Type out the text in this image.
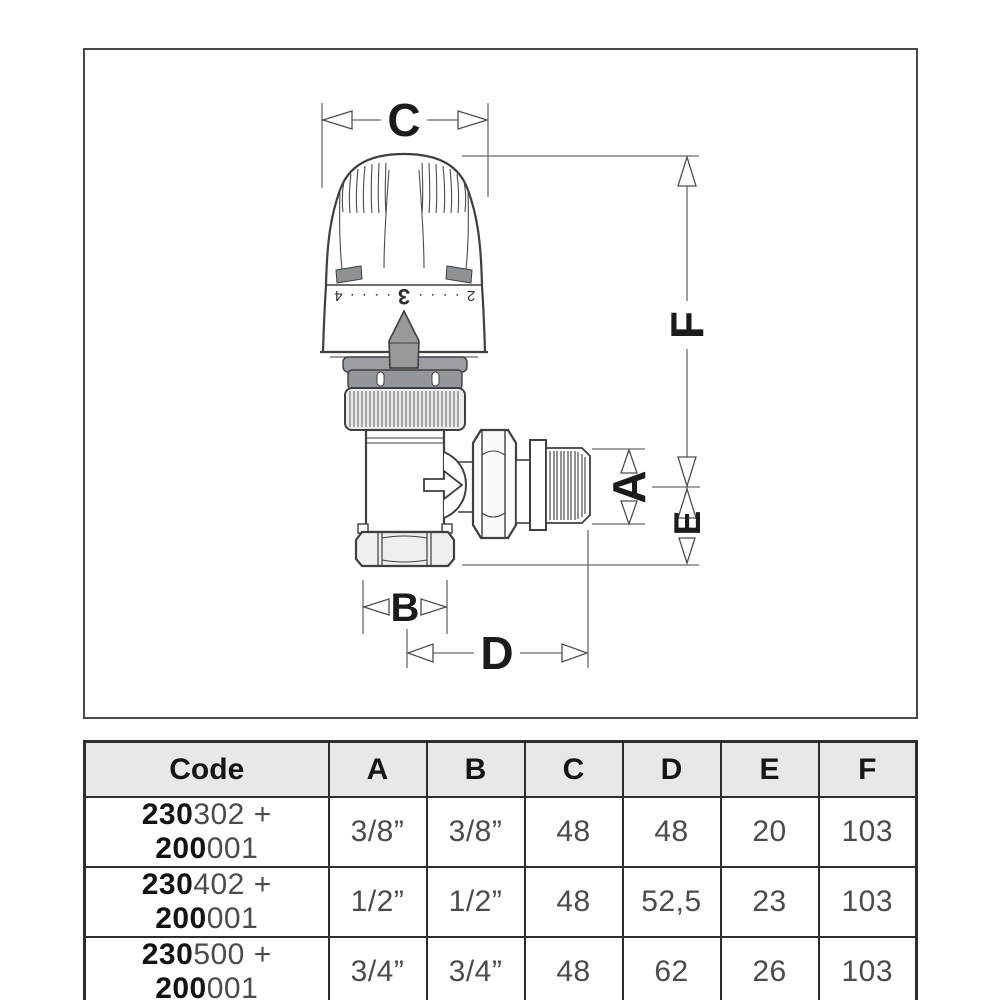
· · · · 4 3 2 · · · ·
C
F
A
E
B
D
Code	A	B	C	D	E	F
230302 + 200001	3/8”	3/8”	48	48	20	103
230402 + 200001	1/2”	1/2”	48	52,5	23	103
230500 + 200001	3/4”	3/4”	48	62	26	103
